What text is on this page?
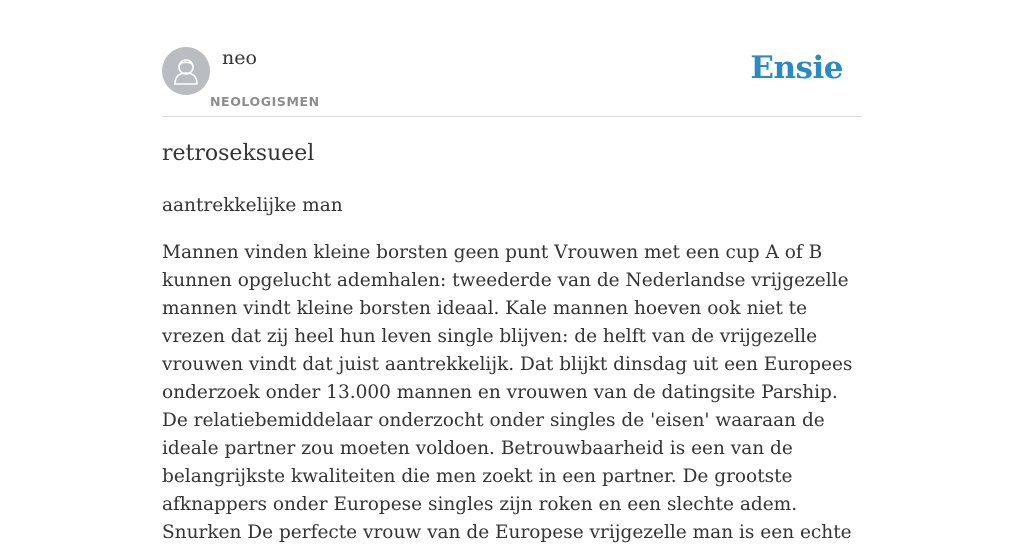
neo
NEOLOGISMEN
Ensie
retroseksueel

aantrekkelijke man

Mannen vinden kleine borsten geen punt Vrouwen met een cup A of B kunnen opgelucht ademhalen: tweederde van de Nederlandse vrijgezelle mannen vindt kleine borsten ideaal. Kale mannen hoeven ook niet te vrezen dat zij heel hun leven single blijven: de helft van de vrijgezelle vrouwen vindt dat juist aantrekkelijk. Dat blijkt dinsdag uit een Europees onderzoek onder 13.000 mannen en vrouwen van de datingsite Parship. De relatiebemiddelaar onderzocht onder singles de 'eisen' waaraan de ideale partner zou moeten voldoen. Betrouwbaarheid is een van de belangrijkste kwaliteiten die men zoekt in een partner. De grootste afknappers onder Europese singles zijn roken en een slechte adem. Snurken De perfecte vrouw van de Europese vrijgezelle man is een echte
